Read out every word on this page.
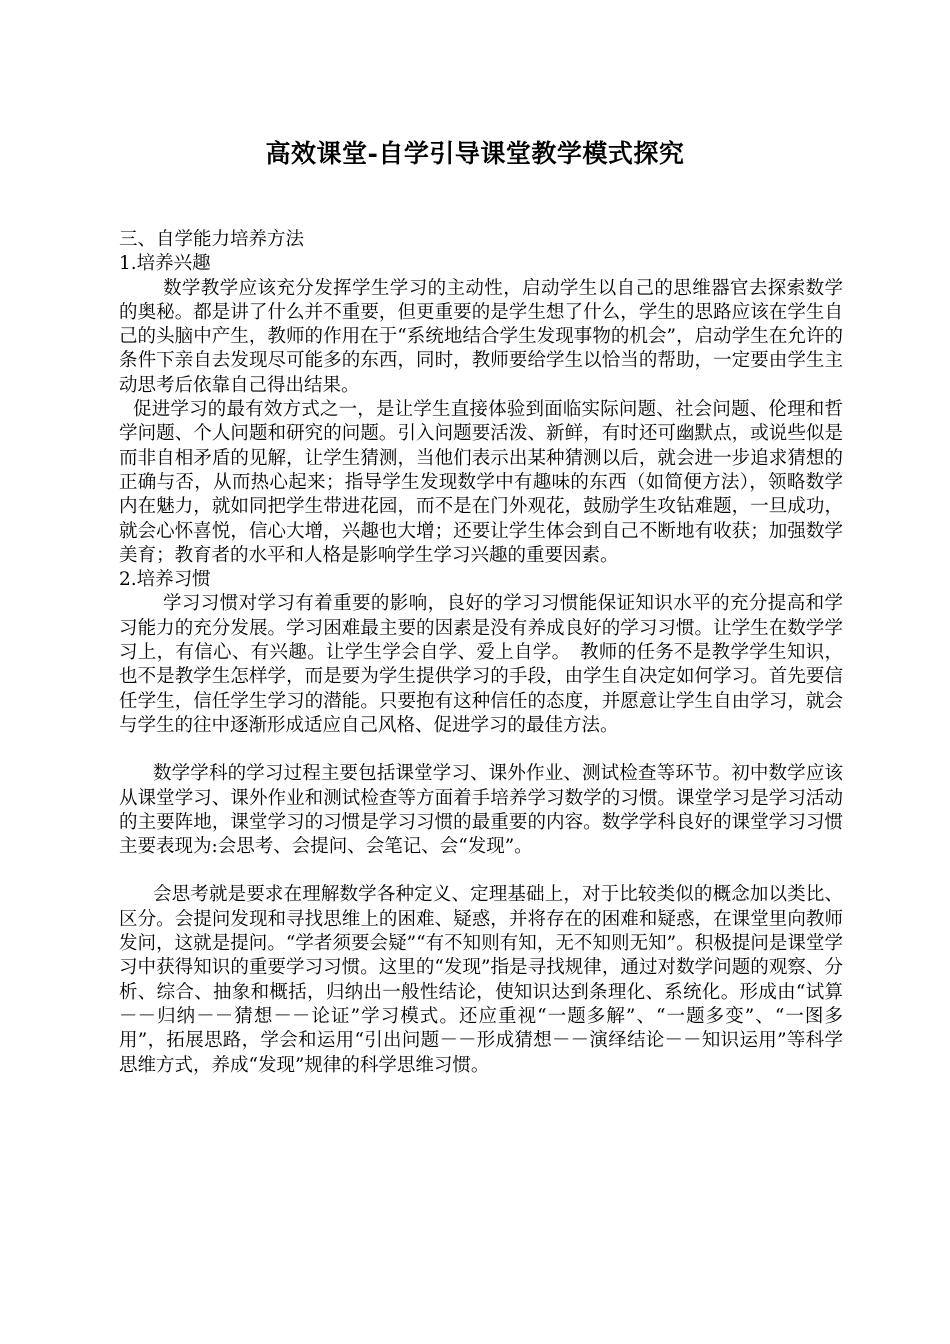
高效课堂-自学引导课堂教学模式探究

三、自学能力培养方法

1.培养兴趣

数学教学应该充分发挥学生学习的主动性，启动学生以自己的思维器官去探索数学的奥秘。都是讲了什么并不重要，但更重要的是学生想了什么，学生的思路应该在学生自己的头脑中产生，教师的作用在于“系统地结合学生发现事物的机会”，启动学生在允许的条件下亲自去发现尽可能多的东西，同时，教师要给学生以恰当的帮助，一定要由学生主动思考后依靠自己得出结果。

促进学习的最有效方式之一，是让学生直接体验到面临实际问题、社会问题、伦理和哲学问题、个人问题和研究的问题。引入问题要活泼、新鲜，有时还可幽默点，或说些似是而非自相矛盾的见解，让学生猜测，当他们表示出某种猜测以后，就会进一步追求猜想的正确与否，从而热心起来；指导学生发现数学中有趣味的东西（如简便方法），领略数学内在魅力，就如同把学生带进花园，而不是在门外观花，鼓励学生攻钻难题，一旦成功，就会心怀喜悦，信心大增，兴趣也大增；还要让学生体会到自己不断地有收获；加强数学美育；教育者的水平和人格是影响学生学习兴趣的重要因素。

2.培养习惯

学习习惯对学习有着重要的影响，良好的学习习惯能保证知识水平的充分提高和学习能力的充分发展。学习困难最主要的因素是没有养成良好的学习习惯。让学生在数学学习上，有信心、有兴趣。让学生学会自学、爱上自学。　教师的任务不是教学学生知识，也不是教学生怎样学，而是要为学生提供学习的手段，由学生自决定如何学习。首先要信任学生，信任学生学习的潜能。只要抱有这种信任的态度，并愿意让学生自由学习，就会与学生的往中逐渐形成适应自己风格、促进学习的最佳方法。

数学学科的学习过程主要包括课堂学习、课外作业、测试检查等环节。初中数学应该从课堂学习、课外作业和测试检查等方面着手培养学习数学的习惯。课堂学习是学习活动的主要阵地，课堂学习的习惯是学习习惯的最重要的内容。数学学科良好的课堂学习习惯主要表现为:会思考、会提问、会笔记、会“发现”。

会思考就是要求在理解数学各种定义、定理基础上，对于比较类似的概念加以类比、区分。会提问发现和寻找思维上的困难、疑惑，并将存在的困难和疑惑，在课堂里向教师发问，这就是提问。“学者须要会疑”“有不知则有知，无不知则无知”。积极提问是课堂学习中获得知识的重要学习习惯。这里的“发现”指是寻找规律，通过对数学问题的观察、分析、综合、抽象和概括，归纳出一般性结论，使知识达到条理化、系统化。形成由“试算－－归纳－－猜想－－论证”学习模式。还应重视“一题多解”、“一题多变”、“一图多用”，拓展思路，学会和运用“引出问题－－形成猜想－－演绎结论－－知识运用”等科学思维方式，养成“发现”规律的科学思维习惯。
